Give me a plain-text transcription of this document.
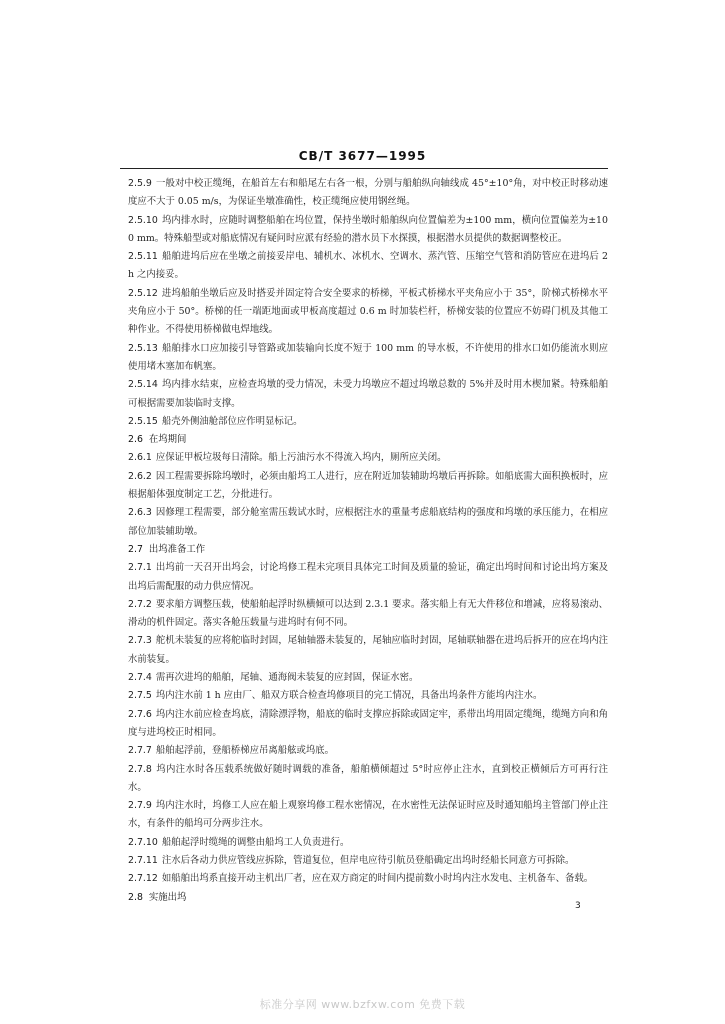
CB/T 3677—1995

2.5.9 一般对中校正缆绳，在船首左右和船尾左右各一根，分别与船舶纵向轴线成 45°±10°角，对中校正时移动速度应不大于 0.05 m/s，为保证坐墩准确性，校正缆绳应使用钢丝绳。

2.5.10 坞内排水时，应随时调整船舶在坞位置，保持坐墩时船舶纵向位置偏差为±100 mm，横向位置偏差为±100 mm。特殊船型或对船底情况有疑问时应派有经验的潜水员下水探摸，根据潜水员提供的数据调整校正。

2.5.11 船舶进坞后应在坐墩之前接妥岸电、辅机水、冰机水、空调水、蒸汽管、压缩空气管和消防管应在进坞后 2 h 之内接妥。

2.5.12 进坞船舶坐墩后应及时搭妥并固定符合安全要求的桥梯，平板式桥梯水平夹角应小于 35°，阶梯式桥梯水平夹角应小于 50°。桥梯的任一端距地面或甲板高度超过 0.6 m 时加装栏杆，桥梯安装的位置应不妨碍门机及其他工种作业。不得使用桥梯做电焊地线。

2.5.13 船舶排水口应加接引导管路或加装输向长度不短于 100 mm 的导水板，不许使用的排水口如仍能流水则应使用堵木塞加布帆塞。

2.5.14 坞内排水结束，应检查坞墩的受力情况，未受力坞墩应不超过坞墩总数的 5%并及时用木楔加紧。特殊船舶可根据需要加装临时支撑。

2.5.15 船壳外侧油舱部位应作明显标记。

2.6 在坞期间

2.6.1 应保证甲板垃圾每日清除。船上污油污水不得流入坞内，厕所应关闭。

2.6.2 因工程需要拆除坞墩时，必须由船坞工人进行，应在附近加装辅助坞墩后再拆除。如船底需大面积换板时，应根据船体强度制定工艺，分批进行。

2.6.3 因修理工程需要，部分舱室需压载试水时，应根据注水的重量考虑船底结构的强度和坞墩的承压能力，在相应部位加装辅助墩。

2.7 出坞准备工作

2.7.1 出坞前一天召开出坞会，讨论坞修工程未完项目具体完工时间及质量的验证，确定出坞时间和讨论出坞方案及出坞后需配服的动力供应情况。

2.7.2 要求船方调整压载，使船舶起浮时纵横倾可以达到 2.3.1 要求。落实船上有无大件移位和增减，应将易滚动、滑动的机件固定。落实各舱压载量与进坞时有何不同。

2.7.3 舵机未装复的应将舵临时封固，尾轴轴器未装复的，尾轴应临时封固，尾轴联轴器在进坞后拆开的应在坞内注水前装复。

2.7.4 需再次进坞的船舶，尾轴、通海阀未装复的应封固，保证水密。

2.7.5 坞内注水前 1 h 应由厂、船双方联合检查坞修项目的完工情况，具备出坞条件方能坞内注水。

2.7.6 坞内注水前应检查坞底，清除漂浮物，船底的临时支撑应拆除或固定牢，系带出坞用固定缆绳，缆绳方向和角度与进坞校正时相同。

2.7.7 船舶起浮前，登船桥梯应吊离船舷或坞底。

2.7.8 坞内注水时各压载系统做好随时调载的准备，船舶横倾超过 5°时应停止注水，直到校正横倾后方可再行注水。

2.7.9 坞内注水时，坞修工人应在船上观察坞修工程水密情况，在水密性无法保证时应及时通知船坞主管部门停止注水，有条件的船坞可分两步注水。

2.7.10 船舶起浮时缆绳的调整由船坞工人负责进行。

2.7.11 注水后各动力供应管线应拆除，管道复位，但岸电应待引航员登船确定出坞时经船长同意方可拆除。

2.7.12 如船舶出坞系直接开动主机出厂者，应在双方商定的时间内提前数小时坞内注水发电、主机备车、备载。

2.8 实施出坞

3
标准分享网 www.bzfxw.com 免费下载
